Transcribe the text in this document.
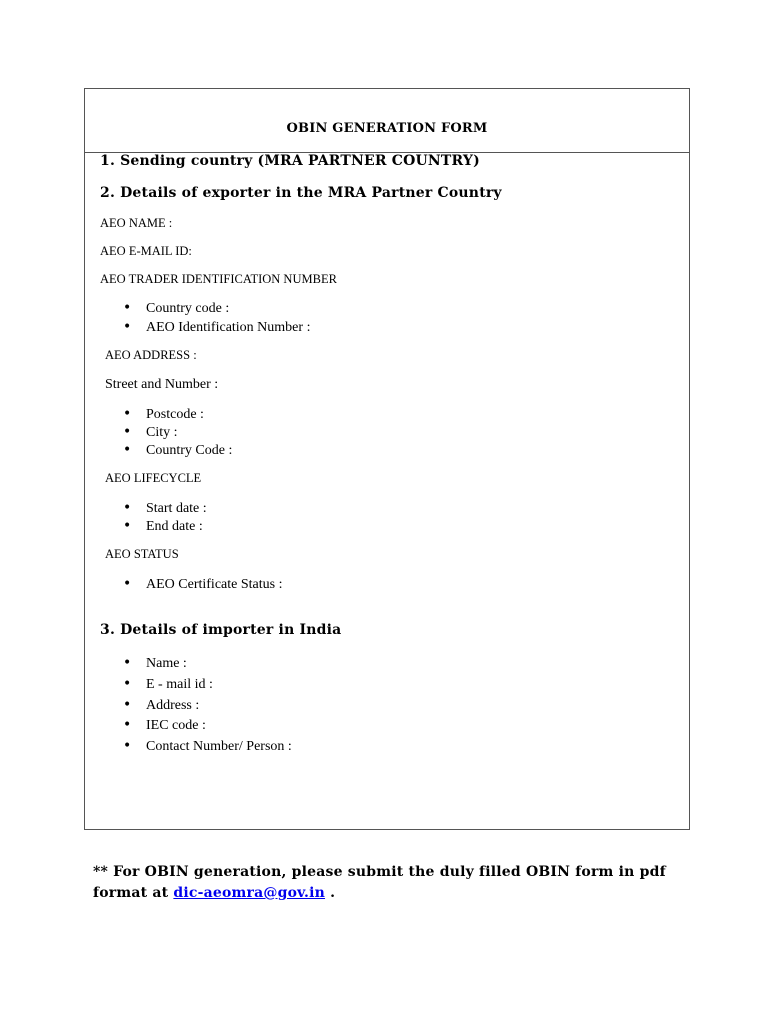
OBIN GENERATION FORM
1. Sending country (MRA PARTNER COUNTRY)
2. Details of exporter in the MRA Partner Country
AEO NAME :
AEO E-MAIL ID:
AEO TRADER IDENTIFICATION NUMBER
• Country code :
• AEO Identification Number :
AEO ADDRESS :
Street and Number :
• Postcode :
• City :
• Country Code :
AEO LIFECYCLE
• Start date :
• End date :
AEO STATUS
• AEO Certificate Status :
3. Details of importer in India
• Name :
• E - mail id :
• Address :
• IEC code :
• Contact Number/ Person :
** For OBIN generation, please submit the duly filled OBIN form in pdf format at dic-aeomra@gov.in .
